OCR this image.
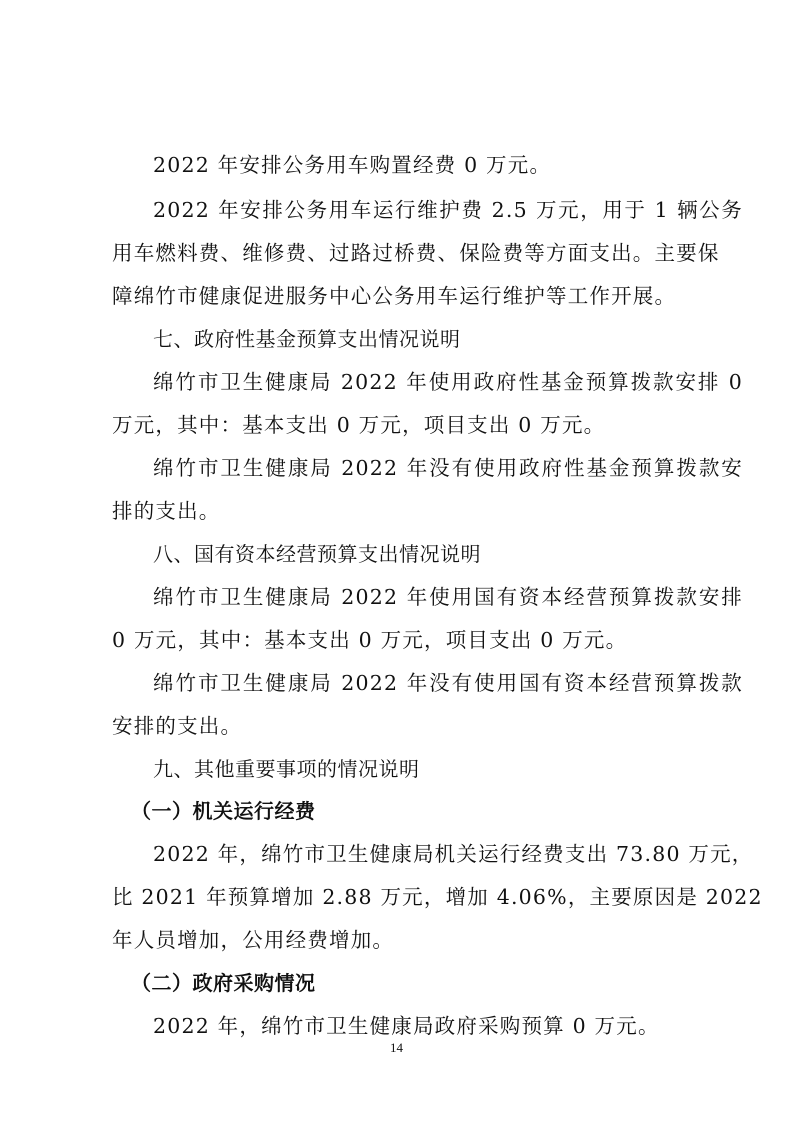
2022 年安排公务用车购置经费 0 万元。
2022 年安排公务用车运行维护费 2.5 万元，用于 1 辆公务
用车燃料费、维修费、过路过桥费、保险费等方面支出。主要保
障绵竹市健康促进服务中心公务用车运行维护等工作开展。
七、政府性基金预算支出情况说明
绵竹市卫生健康局 2022 年使用政府性基金预算拨款安排 0
万元，其中：基本支出 0 万元，项目支出 0 万元。
绵竹市卫生健康局 2022 年没有使用政府性基金预算拨款安
排的支出。
八、国有资本经营预算支出情况说明
绵竹市卫生健康局 2022 年使用国有资本经营预算拨款安排
0 万元，其中：基本支出 0 万元，项目支出 0 万元。
绵竹市卫生健康局 2022 年没有使用国有资本经营预算拨款
安排的支出。
九、其他重要事项的情况说明
（一）机关运行经费
2022 年，绵竹市卫生健康局机关运行经费支出 73.80 万元，
比 2021 年预算增加 2.88 万元，增加 4.06%，主要原因是 2022
年人员增加，公用经费增加。
（二）政府采购情况
2022 年，绵竹市卫生健康局政府采购预算 0 万元。
14
